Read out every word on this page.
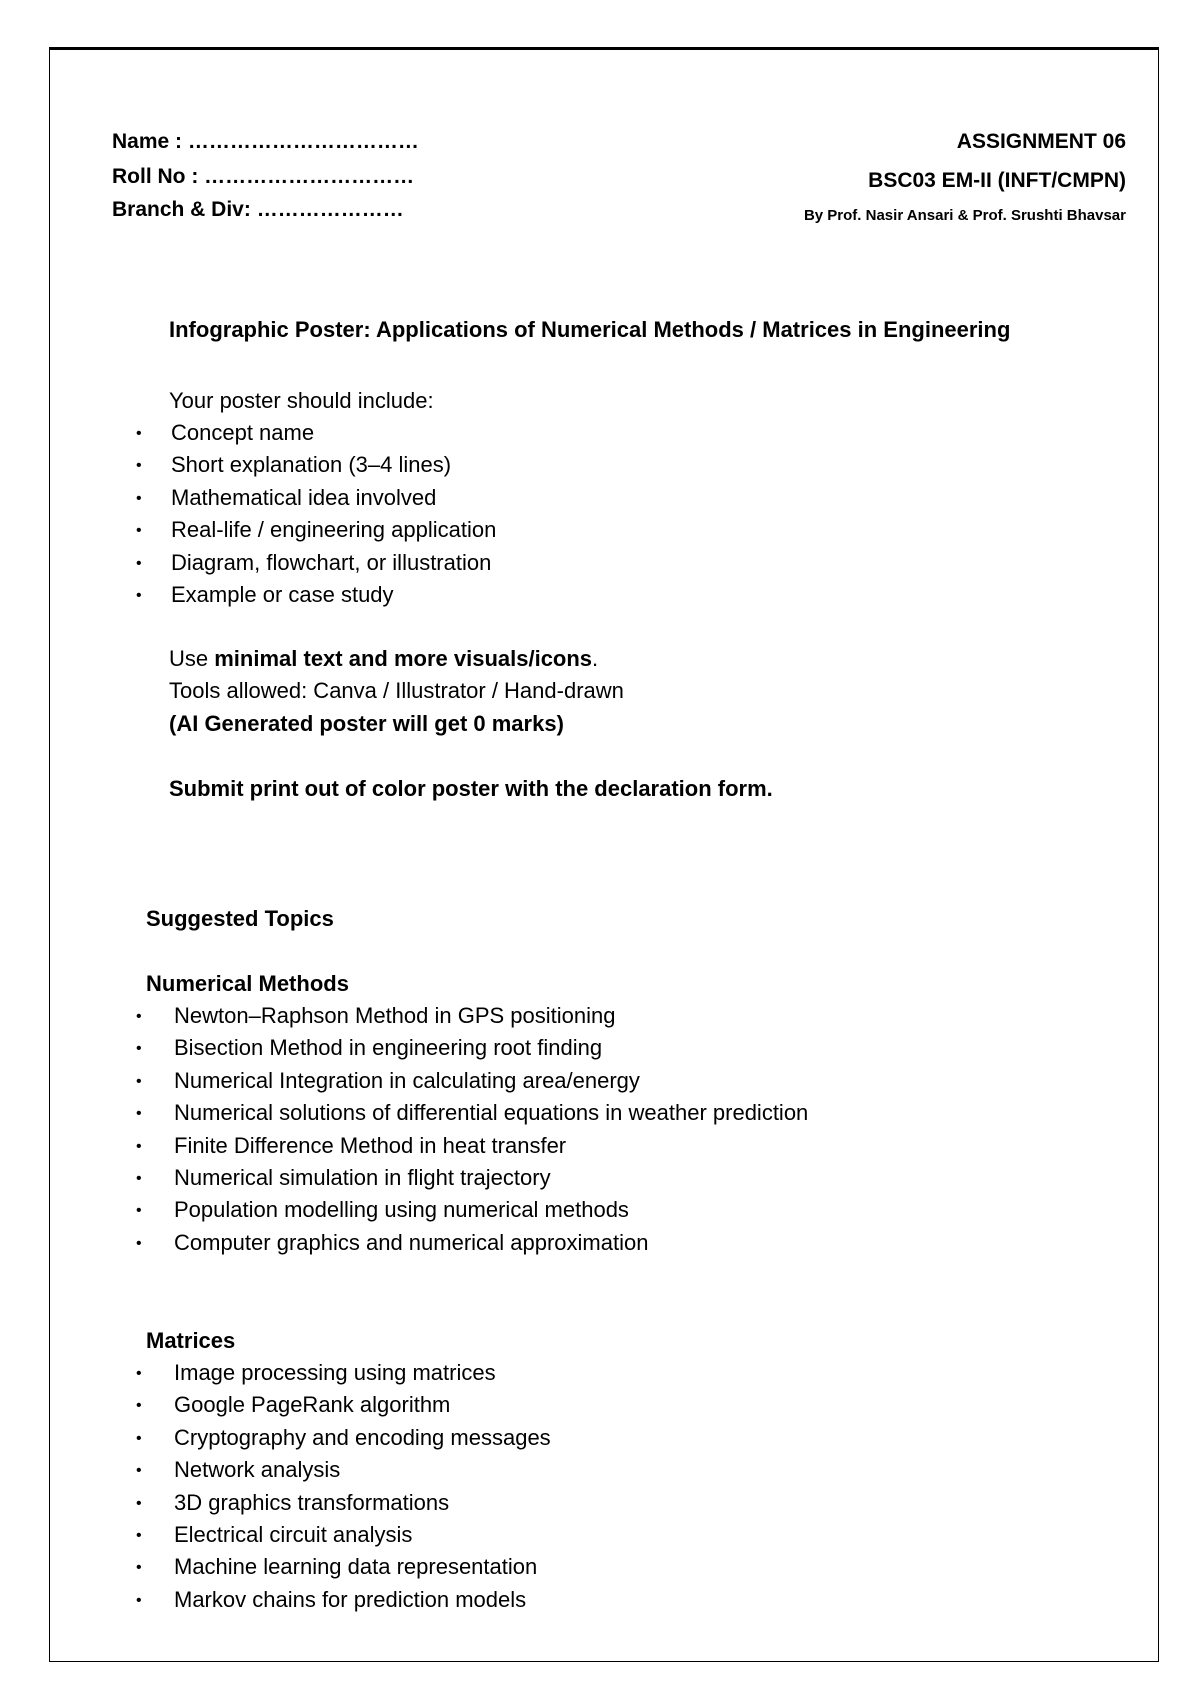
Name : ……………………………
Roll No : …………………………
Branch & Div: …………………
ASSIGNMENT 06
BSC03 EM-II (INFT/CMPN)
By Prof. Nasir Ansari & Prof. Srushti Bhavsar
Infographic Poster: Applications of Numerical Methods / Matrices in Engineering
Your poster should include:
• Concept name
• Short explanation (3–4 lines)
• Mathematical idea involved
• Real-life / engineering application
• Diagram, flowchart, or illustration
• Example or case study
Use minimal text and more visuals/icons.
Tools allowed: Canva / Illustrator / Hand-drawn
(AI Generated poster will get 0 marks)
Submit print out of color poster with the declaration form.
Suggested Topics
Numerical Methods
• Newton–Raphson Method in GPS positioning
• Bisection Method in engineering root finding
• Numerical Integration in calculating area/energy
• Numerical solutions of differential equations in weather prediction
• Finite Difference Method in heat transfer
• Numerical simulation in flight trajectory
• Population modelling using numerical methods
• Computer graphics and numerical approximation
Matrices
• Image processing using matrices
• Google PageRank algorithm
• Cryptography and encoding messages
• Network analysis
• 3D graphics transformations
• Electrical circuit analysis
• Machine learning data representation
• Markov chains for prediction models
